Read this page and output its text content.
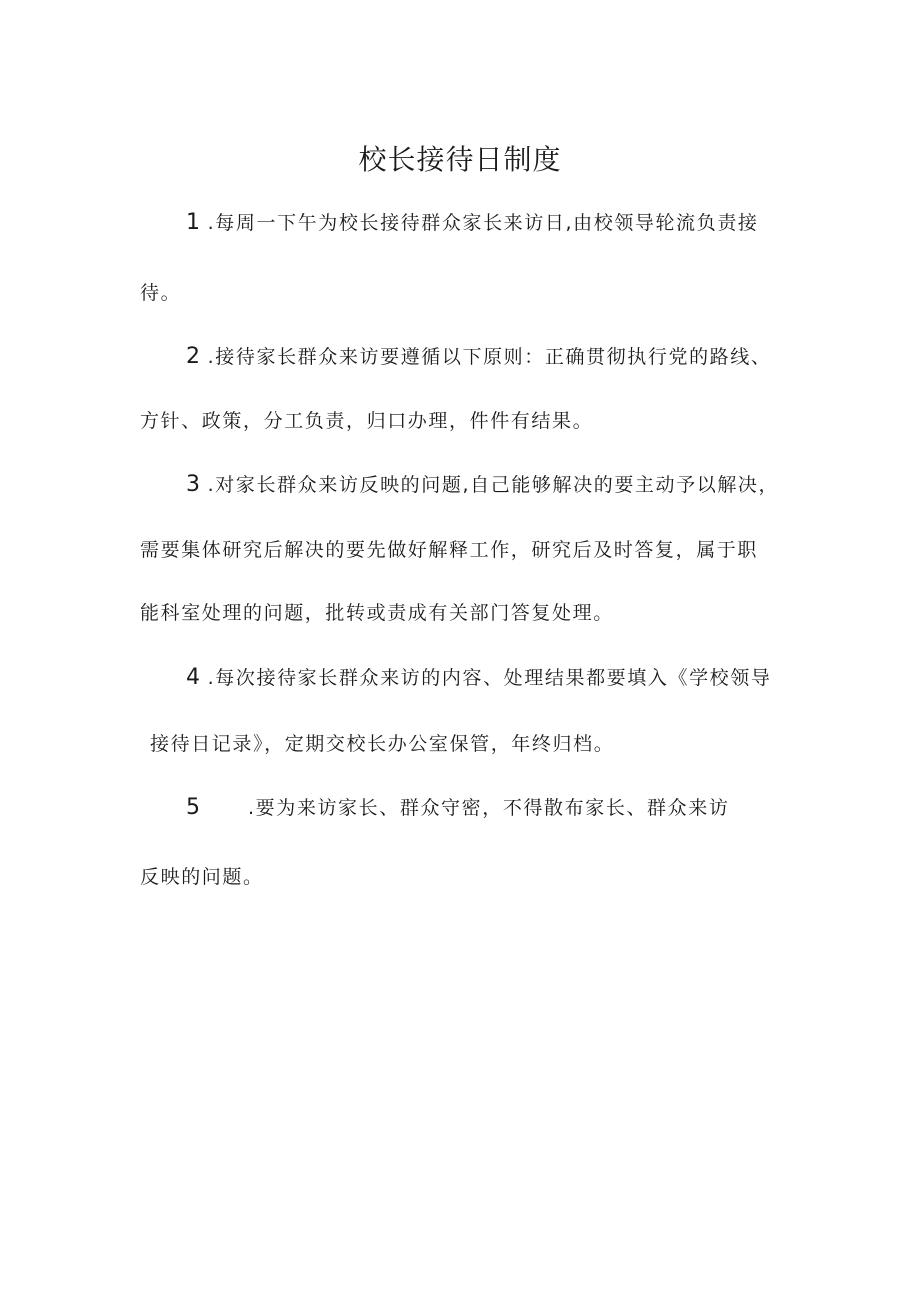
校长接待日制度
1 .每周一下午为校长接待群众家长来访日,由校领导轮流负责接
待。
2 .接待家长群众来访要遵循以下原则：正确贯彻执行党的路线、
方针、政策，分工负责，归口办理，件件有结果。
3 .对家长群众来访反映的问题,自己能够解决的要主动予以解决，
需要集体研究后解决的要先做好解释工作，研究后及时答复，属于职
能科室处理的问题，批转或责成有关部门答复处理。
4 .每次接待家长群众来访的内容、处理结果都要填入《学校领导
接待日记录》，定期交校长办公室保管，年终归档。
5	.要为来访家长、群众守密，不得散布家长、群众来访
反映的问题。
